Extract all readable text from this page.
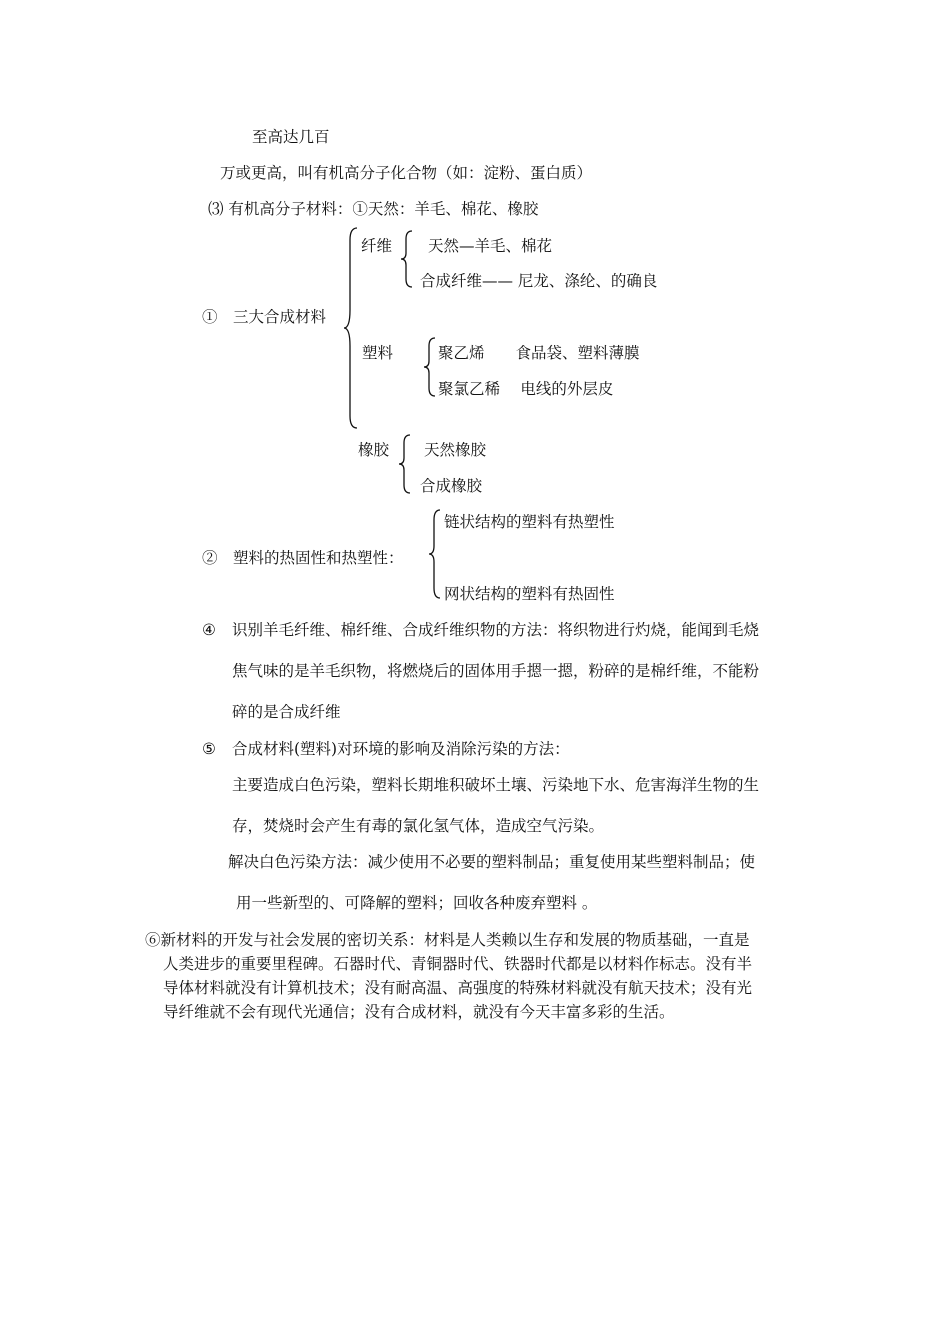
至高达几百
万或更高，叫有机高分子化合物（如：淀粉、蛋白质）
⑶ 有机高分子材料：①天然：羊毛、棉花、橡胶
①　三大合成材料
纤维 天然—羊毛、棉花
合成纤维—— 尼龙、涤纶、的确良
塑料	聚乙烯　　食品袋、塑料薄膜
聚氯乙稀　 电线的外层皮
橡胶 天然橡胶
合成橡胶
②　塑料的热固性和热塑性：
链状结构的塑料有热塑性
网状结构的塑料有热固性
④ 识别羊毛纤维、棉纤维、合成纤维织物的方法：将织物进行灼烧，能闻到毛烧
焦气味的是羊毛织物，将燃烧后的固体用手摁一摁，粉碎的是棉纤维，不能粉
碎的是合成纤维
⑤ 合成材料(塑料)对环境的影响及消除污染的方法：
主要造成白色污染，塑料长期堆积破坏土壤、污染地下水、危害海洋生物的生
存，焚烧时会产生有毒的氯化氢气体，造成空气污染。
解决白色污染方法：减少使用不必要的塑料制品；重复使用某些塑料制品；使
用一些新型的、可降解的塑料；回收各种废弃塑料 。
⑥新材料的开发与社会发展的密切关系：材料是人类赖以生存和发展的物质基础，一直是
人类进步的重要里程碑。石器时代、青铜器时代、铁器时代都是以材料作标志。没有半
导体材料就没有计算机技术；没有耐高温、高强度的特殊材料就没有航天技术；没有光
导纤维就不会有现代光通信；没有合成材料，就没有今天丰富多彩的生活。
